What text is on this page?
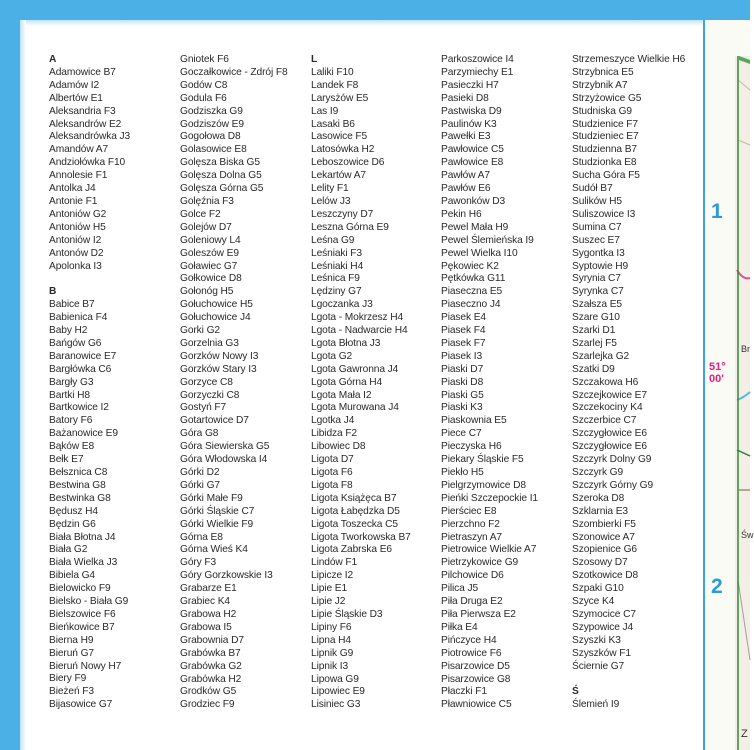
A
Adamowice B7
Adamów I2
Albertów E1
Aleksandria F3
Aleksandrów E2
Aleksandrówka J3
Amandów A7
Andziołówka F10
Annolesie F1
Antolka J4
Antonie F1
Antoniów G2
Antoniów H5
Antoniów I2
Antonów D2
Apolonka I3
B
Babice B7
Babienica F4
Baby H2
Bańgów G6
Baranowice E7
Bargłówka C6
Bargły G3
Bartki H8
Bartkowice I2
Batory F6
Bażanowice E9
Bąków E8
Bełk E7
Bełsznica C8
Bestwina G8
Bestwinka G8
Będusz H4
Będzin G6
Biała Błotna J4
Biała G2
Biała Wielka J3
Bibiela G4
Bielowicko F9
Bielsko - Biała G9
Bielszowice F6
Bieńkowice B7
Bierna H9
Bieruń G7
Bieruń Nowy H7
Biery F9
Bieżeń F3
Bijasowice G7
Gniotek F6
Goczałkowice - Zdrój F8
Godów C8
Godula F6
Godziszka G9
Godziszów E9
Gogołowa D8
Golasowice E8
Golęsza Biska G5
Golęsza Dolna G5
Golęsza Górna G5
Golęźnia F3
Golce F2
Golejów D7
Goleniowy L4
Goleszów E9
Goławiec G7
Gołkowice D8
Gołonóg H5
Gołuchowice H5
Gołuchowice J4
Gorki G2
Gorzelnia G3
Gorzków Nowy I3
Gorzków Stary I3
Gorzyce C8
Gorzyczki C8
Gostyń F7
Gotartowice D7
Góra G8
Góra Siewierska G5
Góra Włodowska I4
Górki D2
Górki G7
Górki Małe F9
Górki Śląskie C7
Górki Wielkie F9
Górna E8
Górna Wieś K4
Góry F3
Góry Gorzkowskie I3
Grabarze E1
Grabiec K4
Grabowa H2
Grabowa I5
Grabownia D7
Grabówka B7
Grabówka G2
Grabówka H2
Grodków G5
Grodziec F9
L
Laliki F10
Landek F8
Larysżów E5
Las I9
Lasaki B6
Lasowice F5
Latosówka H2
Leboszowice D6
Lekartów A7
Lelity F1
Lelów J3
Leszczyny D7
Leszna Górna E9
Leśna G9
Leśniaki F3
Leśniaki H4
Leśnica F9
Lędziny G7
Lgoczanka J3
Lgota - Mokrzesz H4
Lgota - Nadwarcie H4
Lgota Błotna J3
Lgota G2
Lgota Gawronna J4
Lgota Górna H4
Lgota Mała I2
Lgota Murowana J4
Lgotka J4
Libidza F2
Libowiec D8
Ligota D7
Ligota F6
Ligota F8
Ligota Książęca B7
Ligota Łabędzka D5
Ligota Toszecka C5
Ligota Tworkowska B7
Ligota Zabrska E6
Lindów F1
Lipicze I2
Lipie E1
Lipie J2
Lipie Śląskie D3
Lipiny F6
Lipna H4
Lipnik G9
Lipnik I3
Lipowa G9
Lipowiec E9
Lisiniec G3
Parkoszowice I4
Parzymiechy E1
Pasieczki H7
Pasieki D8
Pastwiska D9
Paulinów K3
Pawełki E3
Pawłowice C5
Pawłowice E8
Pawłów A7
Pawłów E6
Pawonków D3
Pekin H6
Pewel Mała H9
Pewel Ślemieńska I9
Pewel Wielka I10
Pękowiec K2
Pętkówka G11
Piaseczna E5
Piaseczno J4
Piasek E4
Piasek F4
Piasek F7
Piasek I3
Piaski D7
Piaski D8
Piaski G5
Piaski K3
Piaskownia E5
Piece C7
Pieczyska H6
Piekary Śląskie F5
Piekło H5
Pielgrzymowice D8
Pieńki Szczepockie I1
Pierściec E8
Pierzchno F2
Pietraszyn A7
Pietrowice Wielkie A7
Pietrzykowice G9
Pilchowice D6
Pilica J5
Piła Druga E2
Piła Pierwsza E2
Piłka E4
Pińczyce H4
Piotrowice F6
Pisarzowice D5
Pisarzowice G8
Płaczki F1
Pławniowice C5
Strzemeszyce Wielkie H6
Strzybnica E5
Strzybnik A7
Strzyżowice G5
Studniska G9
Studzienice F7
Studzieniec E7
Studzienna B7
Studzionka E8
Sucha Góra F5
Sudół B7
Sulików H5
Suliszowice I3
Sumina C7
Suszec E7
Sygontka I3
Syptowie H9
Syrynia C7
Syrynka C7
Szałsza E5
Szare G10
Szarki D1
Szarlej F5
Szarlejka G2
Szatki D9
Szczakowa H6
Szczejkowice E7
Szczekociny K4
Szczerbice C7
Szczygłowice E6
Szczygłowice E6
Szczyrk Dolny G9
Szczyrk G9
Szczyrk Górny G9
Szeroka D8
Szklarnia E3
Szombierki F5
Szonowice A7
Szopienice G6
Szosowy D7
Szotkowice D8
Szpaki G10
Szyce K4
Szymocice C7
Szypowice J4
Szyszki K3
Szyszków F1
Ściernie G7
Ś
Ślemień I9
1
2
51°
00'
Br
Św
Z
